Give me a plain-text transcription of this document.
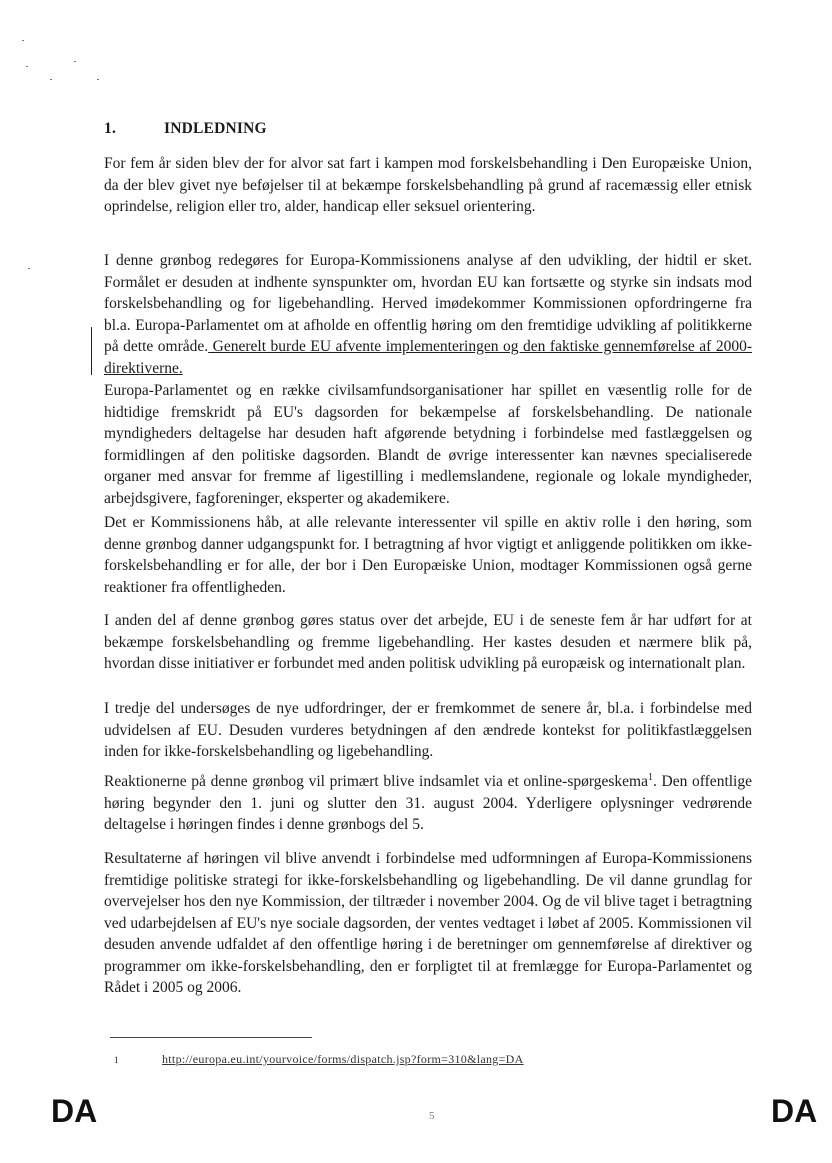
1.	INDLEDNING

For fem år siden blev der for alvor sat fart i kampen mod forskelsbehandling i Den Europæiske Union, da der blev givet nye beføjelser til at bekæmpe forskelsbehandling på grund af racemæssig eller etnisk oprindelse, religion eller tro, alder, handicap eller seksuel orientering.

I denne grønbog redegøres for Europa-Kommissionens analyse af den udvikling, der hidtil er sket. Formålet er desuden at indhente synspunkter om, hvordan EU kan fortsætte og styrke sin indsats mod forskelsbehandling og for ligebehandling. Herved imødekommer Kommissionen opfordringerne fra bl.a. Europa-Parlamentet om at afholde en offentlig høring om den fremtidige udvikling af politikkerne på dette område. Generelt burde EU afvente implementeringen og den faktiske gennemførelse af 2000-direktiverne.

Europa-Parlamentet og en række civilsamfundsorganisationer har spillet en væsentlig rolle for de hidtidige fremskridt på EU's dagsorden for bekæmpelse af forskelsbehandling. De nationale myndigheders deltagelse har desuden haft afgørende betydning i forbindelse med fastlæggelsen og formidlingen af den politiske dagsorden. Blandt de øvrige interessenter kan nævnes specialiserede organer med ansvar for fremme af ligestilling i medlemslandene, regionale og lokale myndigheder, arbejdsgivere, fagforeninger, eksperter og akademikere.

Det er Kommissionens håb, at alle relevante interessenter vil spille en aktiv rolle i den høring, som denne grønbog danner udgangspunkt for. I betragtning af hvor vigtigt et anliggende politikken om ikke-forskelsbehandling er for alle, der bor i Den Europæiske Union, modtager Kommissionen også gerne reaktioner fra offentligheden.

I anden del af denne grønbog gøres status over det arbejde, EU i de seneste fem år har udført for at bekæmpe forskelsbehandling og fremme ligebehandling. Her kastes desuden et nærmere blik på, hvordan disse initiativer er forbundet med anden politisk udvikling på europæisk og internationalt plan.

I tredje del undersøges de nye udfordringer, der er fremkommet de senere år, bl.a. i forbindelse med udvidelsen af EU. Desuden vurderes betydningen af den ændrede kontekst for politikfastlæggelsen inden for ikke-forskelsbehandling og ligebehandling.

Reaktionerne på denne grønbog vil primært blive indsamlet via et online-spørgeskema$^1$. Den offentlige høring begynder den 1. juni og slutter den 31. august 2004. Yderligere oplysninger vedrørende deltagelse i høringen findes i denne grønbogs del 5.

Resultaterne af høringen vil blive anvendt i forbindelse med udformningen af Europa-Kommissionens fremtidige politiske strategi for ikke-forskelsbehandling og ligebehandling. De vil danne grundlag for overvejelser hos den nye Kommission, der tiltræder i november 2004. Og de vil blive taget i betragtning ved udarbejdelsen af EU's nye sociale dagsorden, der ventes vedtaget i løbet af 2005. Kommissionen vil desuden anvende udfaldet af den offentlige høring i de beretninger om gennemførelse af direktiver og programmer om ikke-forskelsbehandling, den er forpligtet til at fremlægge for Europa-Parlamentet og Rådet i 2005 og 2006.

1	http://europa.eu.int/yourvoice/forms/dispatch.jsp?form=310&lang=DA
DA	5	DA
